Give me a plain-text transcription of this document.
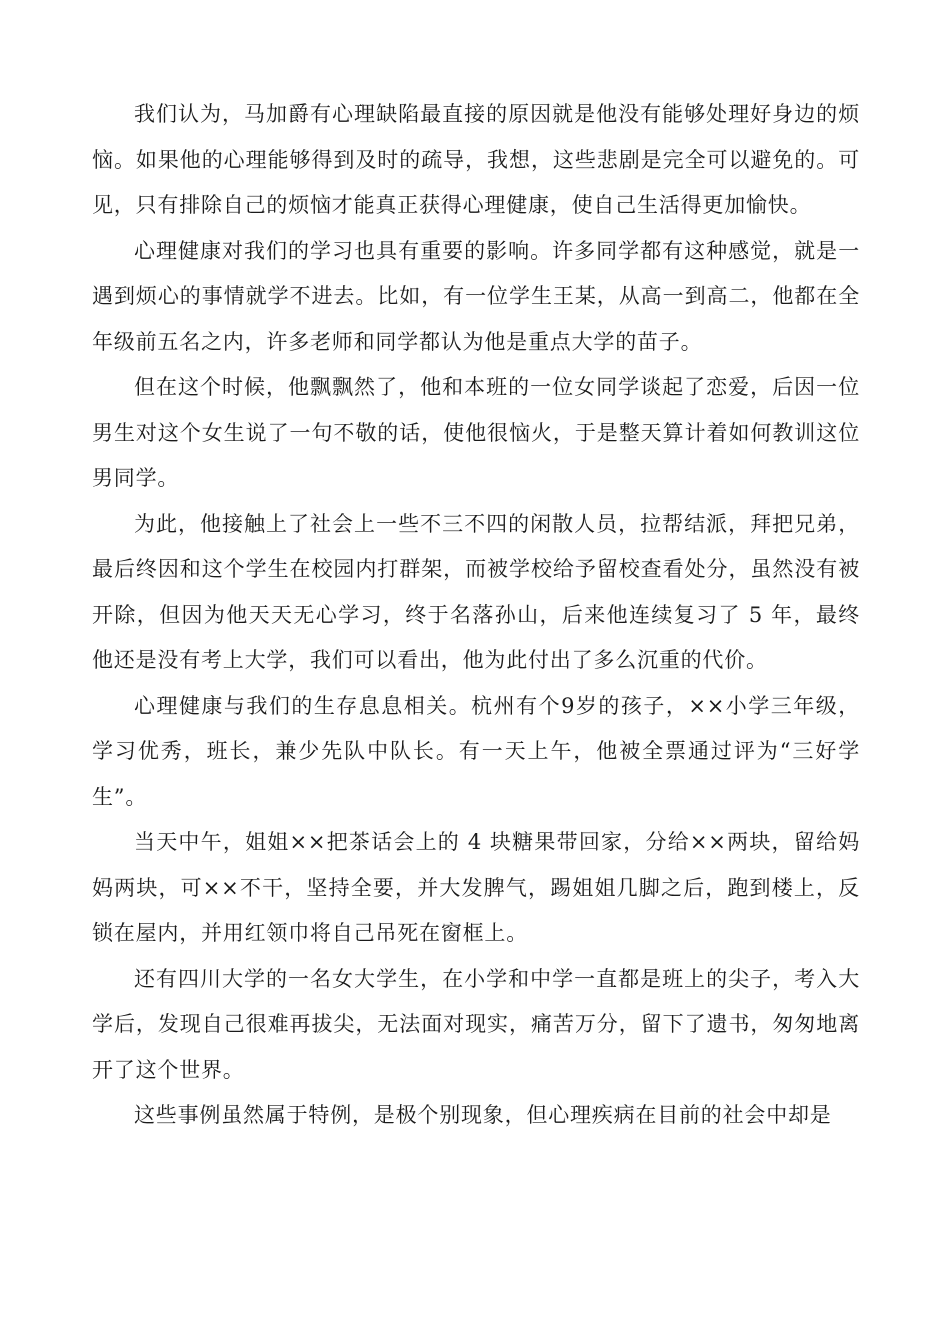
我们认为，马加爵有心理缺陷最直接的原因就是他没有能够处理好身边的烦恼。如果他的心理能够得到及时的疏导，我想，这些悲剧是完全可以避免的。可见，只有排除自己的烦恼才能真正获得心理健康，使自己生活得更加愉快。

心理健康对我们的学习也具有重要的影响。许多同学都有这种感觉，就是一遇到烦心的事情就学不进去。比如，有一位学生王某，从高一到高二，他都在全年级前五名之内，许多老师和同学都认为他是重点大学的苗子。

但在这个时候，他飘飘然了，他和本班的一位女同学谈起了恋爱，后因一位男生对这个女生说了一句不敬的话，使他很恼火，于是整天算计着如何教训这位男同学。

为此，他接触上了社会上一些不三不四的闲散人员，拉帮结派，拜把兄弟，最后终因和这个学生在校园内打群架，而被学校给予留校查看处分，虽然没有被开除，但因为他天天无心学习，终于名落孙山，后来他连续复习了 5 年，最终他还是没有考上大学，我们可以看出，他为此付出了多么沉重的代价。

心理健康与我们的生存息息相关。杭州有个9岁的孩子，××小学三年级，学习优秀，班长，兼少先队中队长。有一天上午，他被全票通过评为“三好学生”。

当天中午，姐姐××把茶话会上的 4 块糖果带回家，分给××两块，留给妈妈两块，可××不干，坚持全要，并大发脾气，踢姐姐几脚之后，跑到楼上，反锁在屋内，并用红领巾将自己吊死在窗框上。

还有四川大学的一名女大学生，在小学和中学一直都是班上的尖子，考入大学后，发现自己很难再拔尖，无法面对现实，痛苦万分，留下了遗书，匆匆地离开了这个世界。

这些事例虽然属于特例，是极个别现象，但心理疾病在目前的社会中却是
